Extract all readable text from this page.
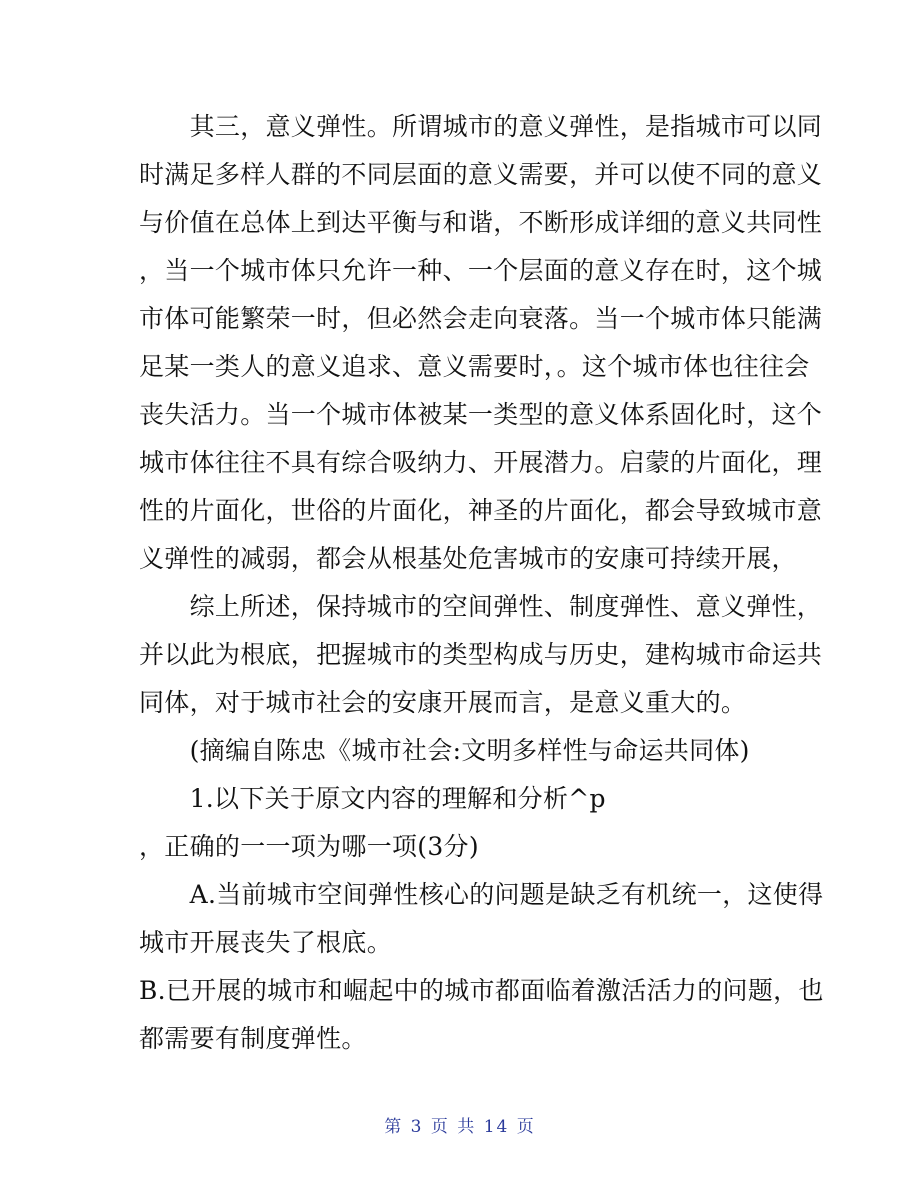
　　其三，意义弹性。所谓城市的意义弹性，是指城市可以同
时满足多样人群的不同层面的意义需要，并可以使不同的意义
与价值在总体上到达平衡与和谐，不断形成详细的意义共同性
，当一个城市体只允许一种、一个层面的意义存在时，这个城
市体可能繁荣一时，但必然会走向衰落。当一个城市体只能满
足某一类人的意义追求、意义需要时，。这个城市体也往往会
丧失活力。当一个城市体被某一类型的意义体系固化时，这个
城市体往往不具有综合吸纳力、开展潜力。启蒙的片面化，理
性的片面化，世俗的片面化，神圣的片面化，都会导致城市意
义弹性的减弱，都会从根基处危害城市的安康可持续开展，
　　综上所述，保持城市的空间弹性、制度弹性、意义弹性，
并以此为根底，把握城市的类型构成与历史，建构城市命运共
同体，对于城市社会的安康开展而言，是意义重大的。
　　(摘编自陈忠《城市社会:文明多样性与命运共同体)
　　1.以下关于原文内容的理解和分析^p
，正确的一一项为哪一项(3分)
　　A.当前城市空间弹性核心的问题是缺乏有机统一，这使得
城市开展丧失了根底。
B.已开展的城市和崛起中的城市都面临着激活活力的问题，也
都需要有制度弹性。
第 3 页 共 14 页
